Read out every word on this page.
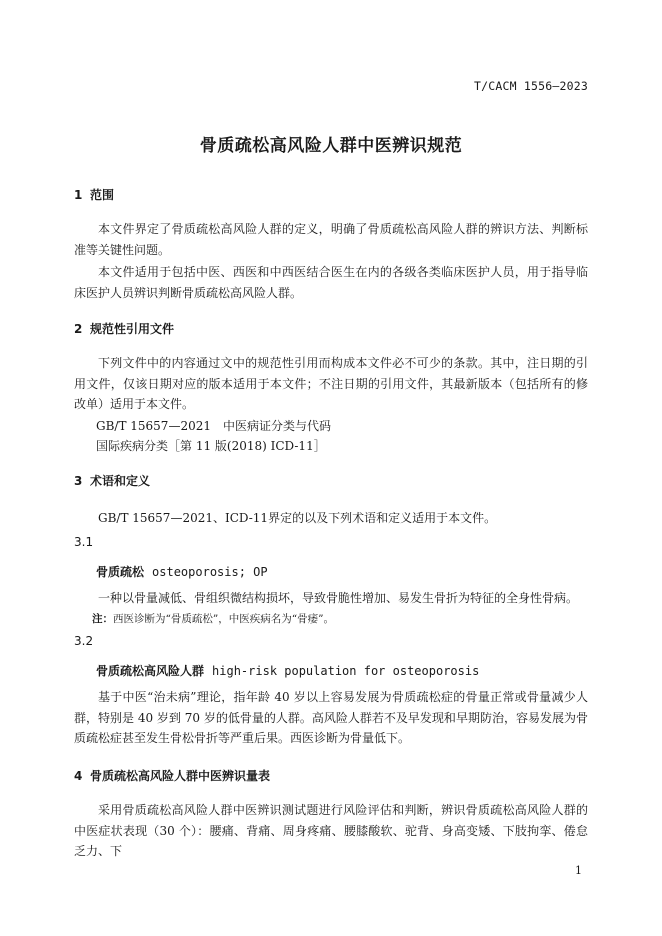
T/CACM 1556—2023
骨质疏松高风险人群中医辨识规范
1 范围
本文件界定了骨质疏松高风险人群的定义，明确了骨质疏松高风险人群的辨识方法、判断标准等关键性问题。
本文件适用于包括中医、西医和中西医结合医生在内的各级各类临床医护人员，用于指导临床医护人员辨识判断骨质疏松高风险人群。
2 规范性引用文件
下列文件中的内容通过文中的规范性引用而构成本文件必不可少的条款。其中，注日期的引用文件，仅该日期对应的版本适用于本文件；不注日期的引用文件，其最新版本（包括所有的修改单）适用于本文件。
GB/T 15657—2021　中医病证分类与代码
国际疾病分类［第 11 版(2018) ICD-11］
3 术语和定义
GB/T 15657—2021、ICD-11界定的以及下列术语和定义适用于本文件。
3.1
骨质疏松 osteoporosis; OP
一种以骨量减低、骨组织微结构损坏，导致骨脆性增加、易发生骨折为特征的全身性骨病。
注：西医诊断为“骨质疏松”，中医疾病名为“骨痿”。
3.2
骨质疏松高风险人群 high-risk population for osteoporosis
基于中医“治未病”理论，指年龄 40 岁以上容易发展为骨质疏松症的骨量正常或骨量减少人群，特别是 40 岁到 70 岁的低骨量的人群。高风险人群若不及早发现和早期防治，容易发展为骨质疏松症甚至发生骨松骨折等严重后果。西医诊断为骨量低下。
4 骨质疏松高风险人群中医辨识量表
采用骨质疏松高风险人群中医辨识测试题进行风险评估和判断，辨识骨质疏松高风险人群的中医症状表现（30 个）：腰痛、背痛、周身疼痛、腰膝酸软、驼背、身高变矮、下肢拘挛、倦怠乏力、下
1
